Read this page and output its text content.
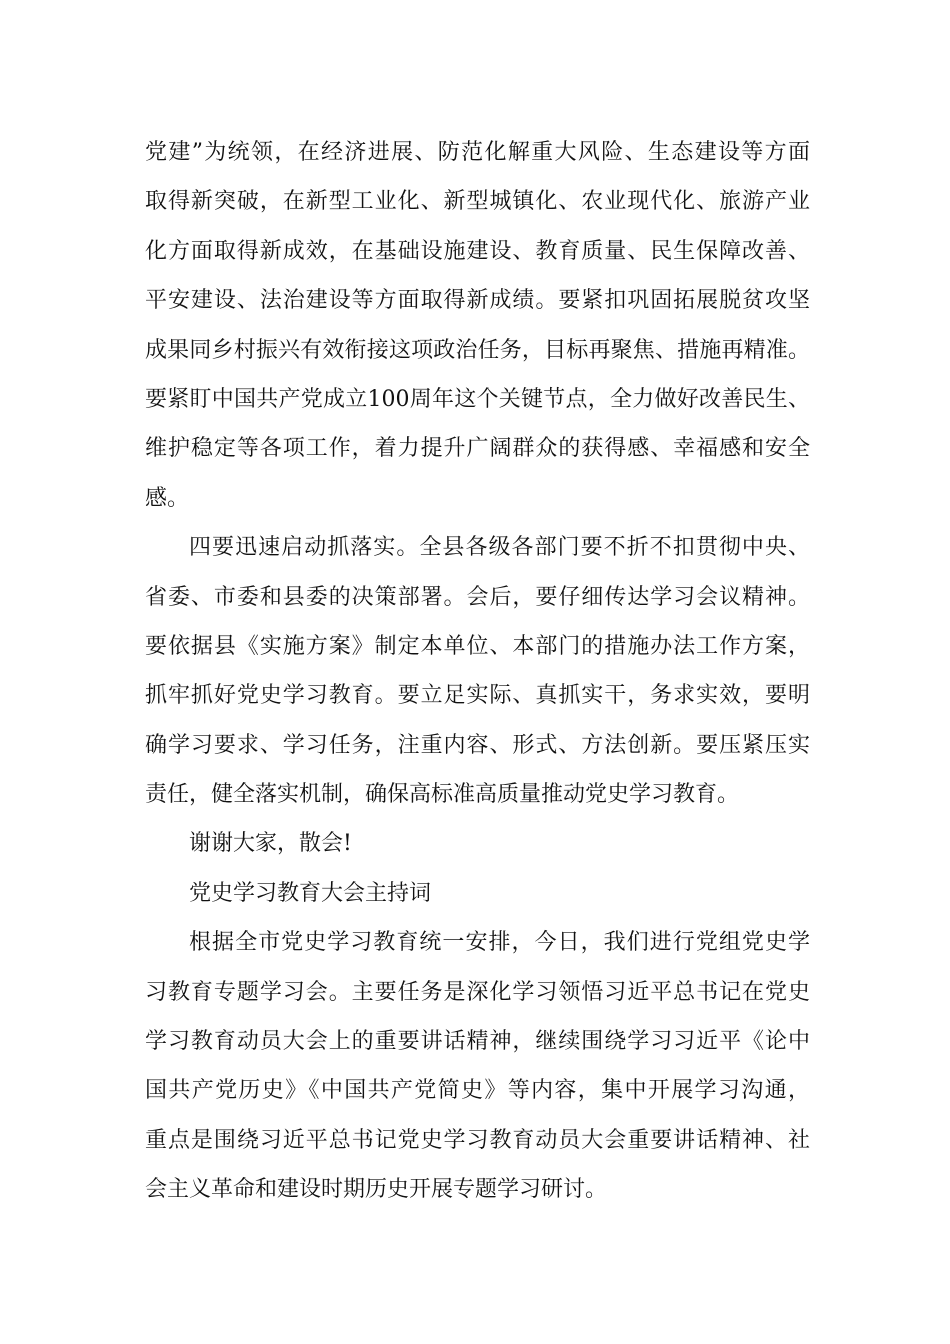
党建”为统领，在经济进展、防范化解重大风险、生态建设等方面
取得新突破，在新型工业化、新型城镇化、农业现代化、旅游产业
化方面取得新成效，在基础设施建设、教育质量、民生保障改善、
平安建设、法治建设等方面取得新成绩。要紧扣巩固拓展脱贫攻坚
成果同乡村振兴有效衔接这项政治任务，目标再聚焦、措施再精准。
要紧盯中国共产党成立100周年这个关键节点，全力做好改善民生、
维护稳定等各项工作，着力提升广阔群众的获得感、幸福感和安全
感。
四要迅速启动抓落实。全县各级各部门要不折不扣贯彻中央、
省委、市委和县委的决策部署。会后，要仔细传达学习会议精神。
要依据县《实施方案》制定本单位、本部门的措施办法工作方案，
抓牢抓好党史学习教育。要立足实际、真抓实干，务求实效，要明
确学习要求、学习任务，注重内容、形式、方法创新。要压紧压实
责任，健全落实机制，确保高标准高质量推动党史学习教育。
谢谢大家，散会!
党史学习教育大会主持词
根据全市党史学习教育统一安排，今日，我们进行党组党史学
习教育专题学习会。主要任务是深化学习领悟习近平总书记在党史
学习教育动员大会上的重要讲话精神，继续围绕学习习近平《论中
国共产党历史》《中国共产党简史》等内容，集中开展学习沟通，
重点是围绕习近平总书记党史学习教育动员大会重要讲话精神、社
会主义革命和建设时期历史开展专题学习研讨。
